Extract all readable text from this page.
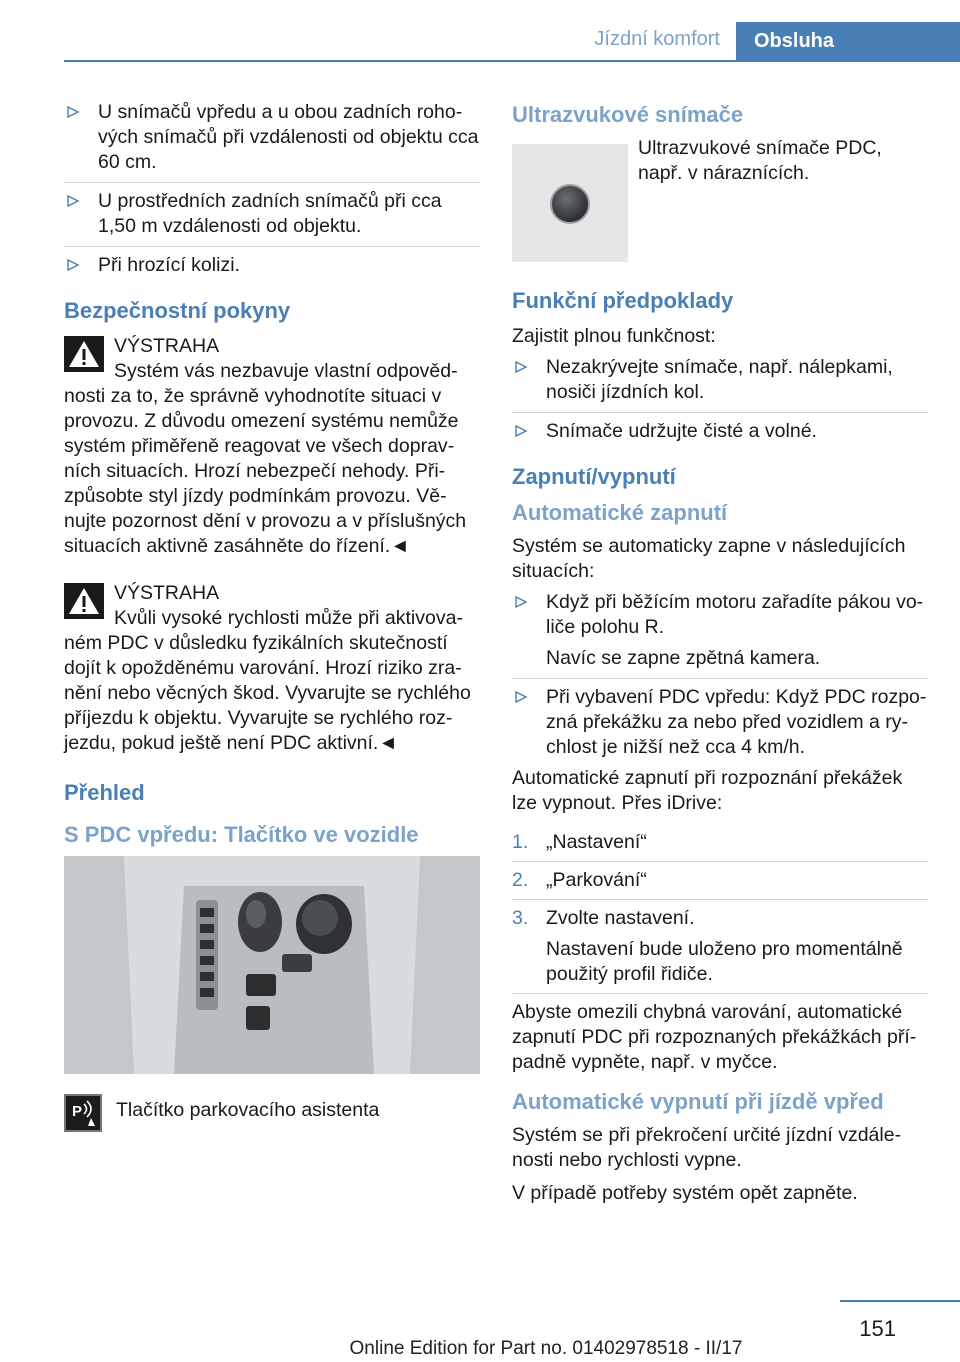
Jízdní komfort	Obsluha
U snímačů vpředu a u obou zadních rohových snímačů při vzdálenosti od objektu cca 60 cm.
U prostředních zadních snímačů při cca 1,50 m vzdálenosti od objektu.
Při hrozící kolizi.
Bezpečnostní pokyny

VÝSTRAHA

Systém vás nezbavuje vlastní odpovědnosti za to, že správně vyhodnotíte situaci v provozu. Z důvodu omezení systému nemůže systém přiměřeně reagovat ve všech dopravních situacích. Hrozí nebezpečí nehody. Přizpůsobte styl jízdy podmínkám provozu. Věnujte pozornost dění v provozu a v příslušných situacích aktivně zasáhněte do řízení.◄

VÝSTRAHA

Kvůli vysoké rychlosti může při aktivovaném PDC v důsledku fyzikálních skutečností dojít k opožděnému varování. Hrozí riziko zranění nebo věcných škod. Vyvarujte se rychlého příjezdu k objektu. Vyvarujte se rychlého rozjezdu, pokud ještě není PDC aktivní.◄

Přehled
S PDC vpředu: Tlačítko ve vozidle
P	Tlačítko parkovacího asistenta

Ultrazvukové snímače

Ultrazvukové snímače PDC, např. v náraznících.

Funkční předpoklady

Zajistit plnou funkčnost:

Nezakrývejte snímače, např. nálepkami, nosiči jízdních kol.
Snímače udržujte čisté a volné.
Zapnutí/vypnutí
Automatické zapnutí

Systém se automaticky zapne v následujících situacích:

Když při běžícím motoru zařadíte pákou voliče polohu R.
Navíc se zapne zpětná kamera.
Při vybavení PDC vpředu: Když PDC rozpozná překážku za nebo před vozidlem a rychlost je nižší než cca 4 km/h.

Automatické zapnutí při rozpoznání překážek lze vypnout. Přes iDrive:

1. „Nastavení“
2. „Parkování“
3. Zvolte nastavení.
Nastavení bude uloženo pro momentálně použitý profil řidiče.

Abyste omezili chybná varování, automatické zapnutí PDC při rozpoznaných překážkách případně vypněte, např. v myčce.

Automatické vypnutí při jízdě vpřed

Systém se při překročení určité jízdní vzdálenosti nebo rychlosti vypne.

V případě potřeby systém opět zapněte.

151
Online Edition for Part no. 01402978518 - II/17
